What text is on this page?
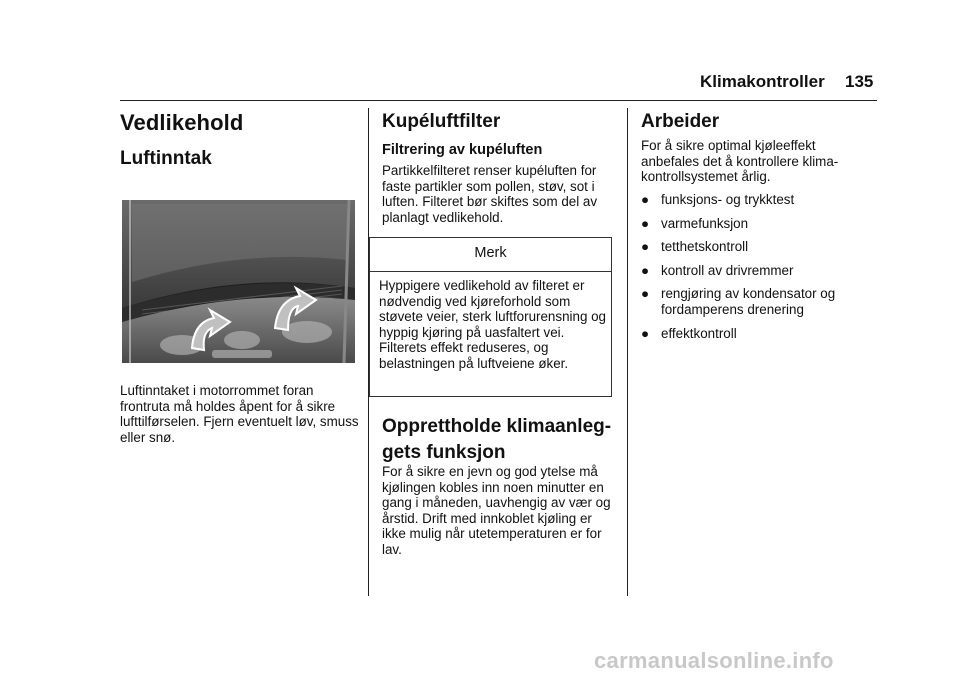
Klimakontroller 135
Vedlikehold
Luftinntak
Luftinntaket i motorrommet foran frontruta må holdes åpent for å sikre lufttilførselen. Fjern eventuelt løv, smuss eller snø.
Kupéluftfilter
Filtrering av kupéluften
Partikkelfilteret renser kupéluften for faste partikler som pollen, støv, sot i luften. Filteret bør skiftes som del av planlagt vedlikehold.
Merk
Hyppigere vedlikehold av filteret er nødvendig ved kjøreforhold som støvete veier, sterk luftforurensning og hyppig kjøring på uasfaltert vei. Filterets effekt reduseres, og belastningen på luftveiene øker.
Opprettholde klimaanleggets funksjon
For å sikre en jevn og god ytelse må kjølingen kobles inn noen minutter en gang i måneden, uavhengig av vær og årstid. Drift med innkoblet kjøling er ikke mulig når utetemperaturen er for lav.
Arbeider
For å sikre optimal kjøleeffekt anbefales det å kontrollere klimakontrollsystemet årlig.
● funksjons- og trykktest
● varmefunksjon
● tetthetskontroll
● kontroll av drivremmer
● rengjøring av kondensator og fordamperens drenering
● effektkontroll
carmanualsonline.info
